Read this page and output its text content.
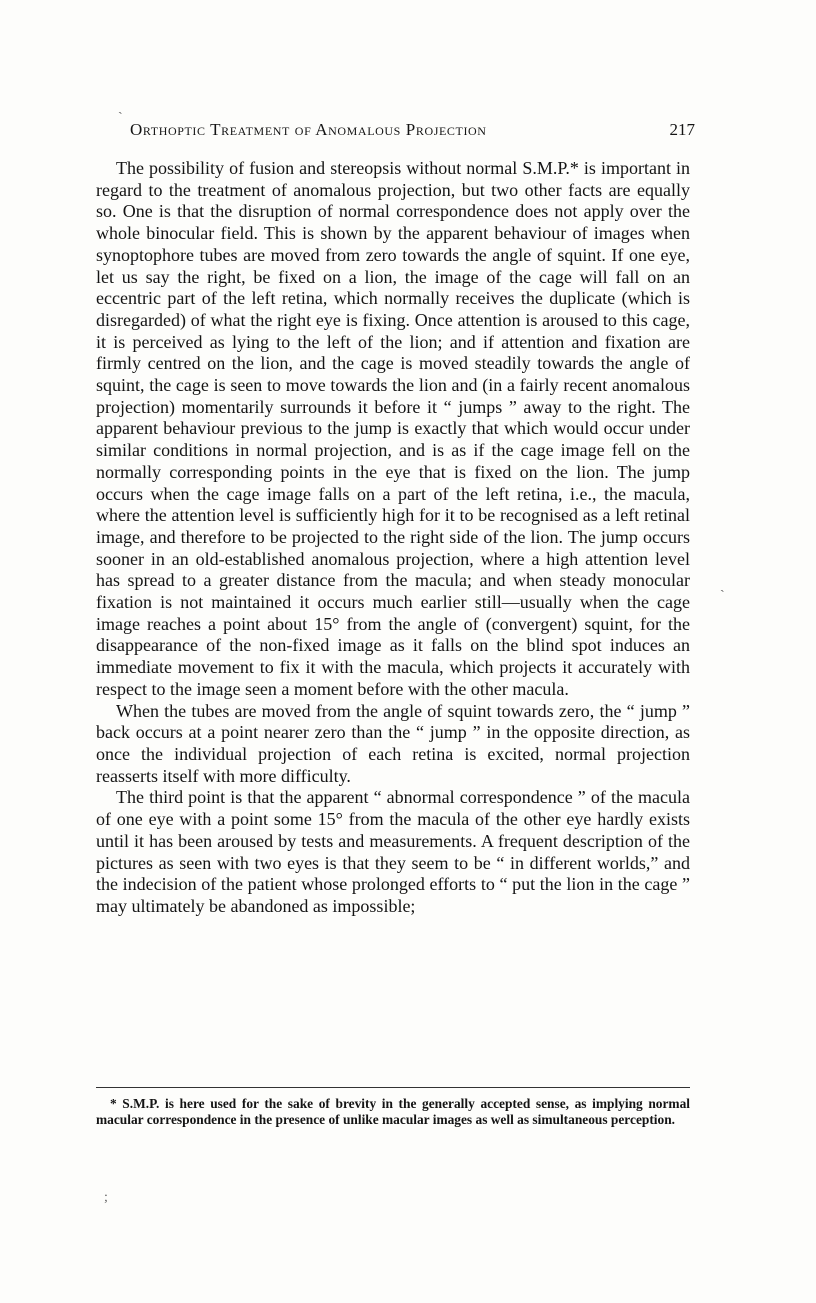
Orthoptic Treatment of Anomalous Projection	217

The possibility of fusion and stereopsis without normal S.M.P.* is important in regard to the treatment of anomalous projection, but two other facts are equally so. One is that the disruption of normal correspondence does not apply over the whole binocular field. This is shown by the apparent behaviour of images when synoptophore tubes are moved from zero towards the angle of squint. If one eye, let us say the right, be fixed on a lion, the image of the cage will fall on an eccentric part of the left retina, which normally receives the duplicate (which is disregarded) of what the right eye is fixing. Once attention is aroused to this cage, it is perceived as lying to the left of the lion; and if attention and fixation are firmly centred on the lion, and the cage is moved steadily towards the angle of squint, the cage is seen to move towards the lion and (in a fairly recent anomalous projection) momentarily surrounds it before it “ jumps ” away to the right. The apparent behaviour previous to the jump is exactly that which would occur under similar conditions in normal projection, and is as if the cage image fell on the normally corresponding points in the eye that is fixed on the lion. The jump occurs when the cage image falls on a part of the left retina, i.e., the macula, where the attention level is sufficiently high for it to be recognised as a left retinal image, and therefore to be projected to the right side of the lion. The jump occurs sooner in an old-established anomalous projection, where a high attention level has spread to a greater distance from the macula; and when steady monocular fixation is not maintained it occurs much earlier still—usually when the cage image reaches a point about 15° from the angle of (convergent) squint, for the disappearance of the non-fixed image as it falls on the blind spot induces an immediate movement to fix it with the macula, which projects it accurately with respect to the image seen a moment before with the other macula.

When the tubes are moved from the angle of squint towards zero, the “ jump ” back occurs at a point nearer zero than the “ jump ” in the opposite direction, as once the individual projection of each retina is excited, normal projection reasserts itself with more difficulty.

The third point is that the apparent “ abnormal correspondence ” of the macula of one eye with a point some 15° from the macula of the other eye hardly exists until it has been aroused by tests and measurements. A frequent description of the pictures as seen with two eyes is that they seem to be “ in different worlds,” and the indecision of the patient whose prolonged efforts to “ put the lion in the cage ” may ultimately be abandoned as impossible;

* S.M.P. is here used for the sake of brevity in the generally accepted sense, as implying normal macular correspondence in the presence of unlike macular images as well as simultaneous perception.

ˎ
ˏ
;
